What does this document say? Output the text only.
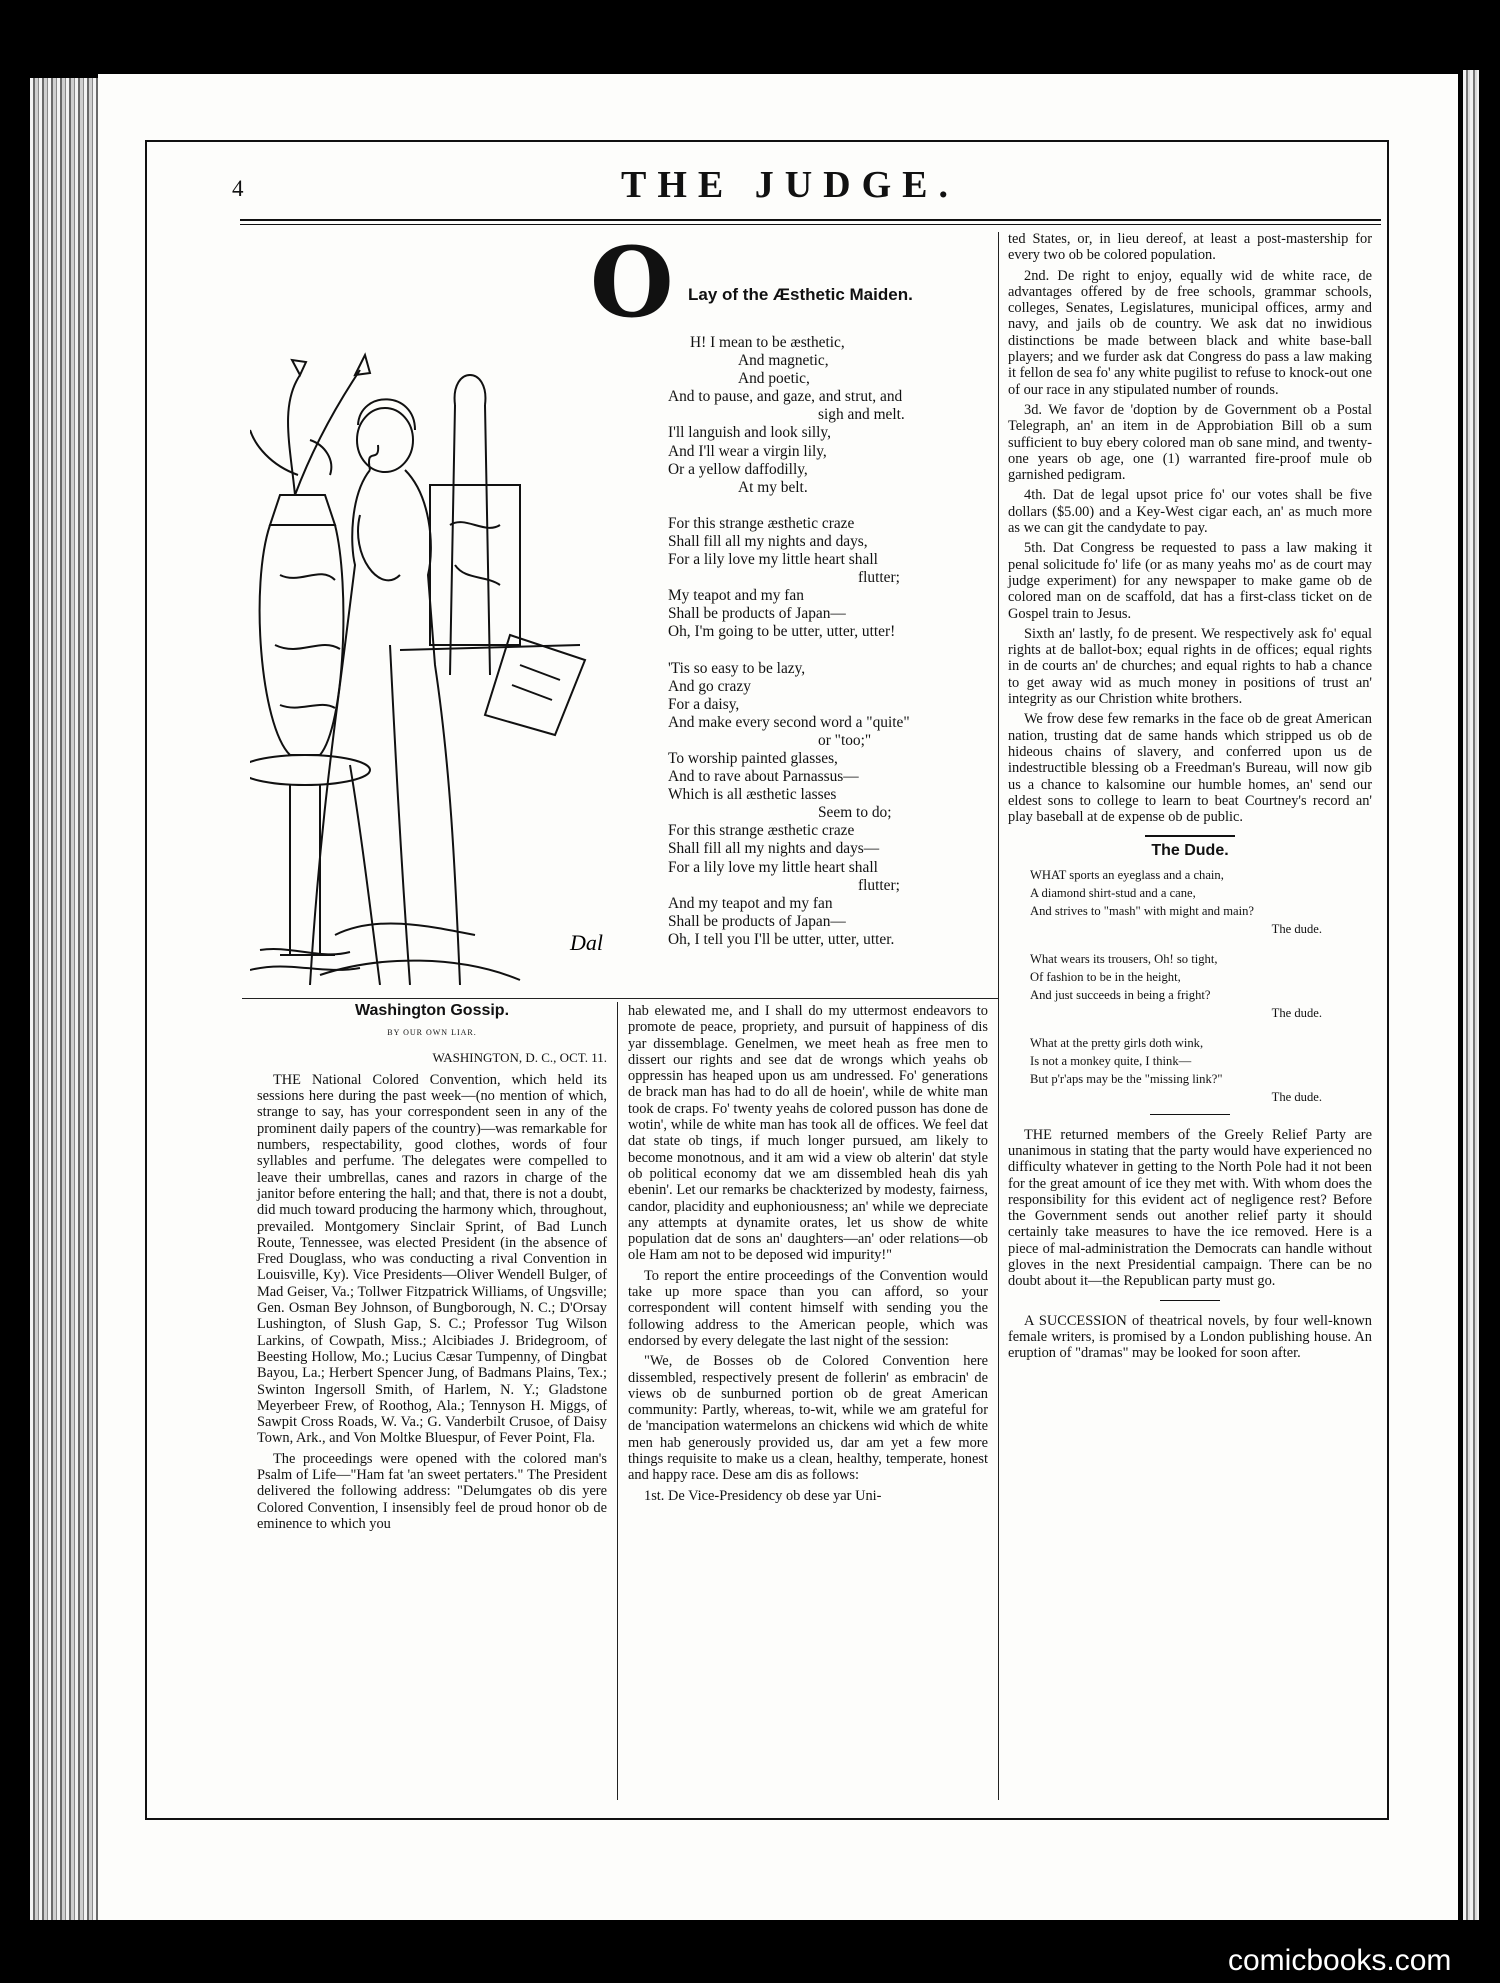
4	THE JUDGE.
Dal
O Lay of the Æsthetic Maiden.
H! I mean to be æsthetic,
And magnetic,
And poetic,
And to pause, and gaze, and strut, and
sigh and melt.
I'll languish and look silly,
And I'll wear a virgin lily,
Or a yellow daffodilly,
At my belt.
For this strange æsthetic craze
Shall fill all my nights and days,
For a lily love my little heart shall
flutter;
My teapot and my fan
Shall be products of Japan—
Oh, I'm going to be utter, utter, utter!
'Tis so easy to be lazy,
And go crazy
For a daisy,
And make every second word a "quite"
or "too;"
To worship painted glasses,
And to rave about Parnassus—
Which is all æsthetic lasses
Seem to do;
For this strange æsthetic craze
Shall fill all my nights and days—
For a lily love my little heart shall
flutter;
And my teapot and my fan
Shall be products of Japan—
Oh, I tell you I'll be utter, utter, utter.
Washington Gossip.
BY OUR OWN LIAR.
WASHINGTON, D. C., OCT. 11.

THE National Colored Convention, which held its sessions here during the past week—(no mention of which, strange to say, has your correspondent seen in any of the prominent daily papers of the country)—was remarkable for numbers, respectability, good clothes, words of four syllables and perfume. The delegates were compelled to leave their umbrellas, canes and razors in charge of the janitor before entering the hall; and that, there is not a doubt, did much toward producing the harmony which, throughout, prevailed. Montgomery Sinclair Sprint, of Bad Lunch Route, Tennessee, was elected President (in the absence of Fred Douglass, who was conducting a rival Convention in Louisville, Ky). Vice Presidents—Oliver Wendell Bulger, of Mad Geiser, Va.; Tollwer Fitzpatrick Williams, of Ungsville; Gen. Osman Bey Johnson, of Bungborough, N. C.; D'Orsay Lushington, of Slush Gap, S. C.; Professor Tug Wilson Larkins, of Cowpath, Miss.; Alcibiades J. Bridegroom, of Beesting Hollow, Mo.; Lucius Cæsar Tumpenny, of Dingbat Bayou, La.; Herbert Spencer Jung, of Badmans Plains, Tex.; Swinton Ingersoll Smith, of Harlem, N. Y.; Gladstone Meyerbeer Frew, of Roothog, Ala.; Tennyson H. Miggs, of Sawpit Cross Roads, W. Va.; G. Vanderbilt Crusoe, of Daisy Town, Ark., and Von Moltke Bluespur, of Fever Point, Fla.

The proceedings were opened with the colored man's Psalm of Life—"Ham fat 'an sweet pertaters." The President delivered the following address: "Delumgates ob dis yere Colored Convention, I insensibly feel de proud honor ob de eminence to which you

hab elewated me, and I shall do my uttermost endeavors to promote de peace, propriety, and pursuit of happiness of dis yar dissemblage. Genelmen, we meet heah as free men to dissert our rights and see dat de wrongs which yeahs ob oppressin has heaped upon us am undressed. Fo' generations de brack man has had to do all de hoein', while de white man took de craps. Fo' twenty yeahs de colored pusson has done de wotin', while de white man has took all de offices. We feel dat dat state ob tings, if much longer pursued, am likely to become monotnous, and it am wid a view ob alterin' dat style ob political economy dat we am dissembled heah dis yah ebenin'. Let our remarks be chackterized by modesty, fairness, candor, placidity and euphoniousness; an' while we depreciate any attempts at dynamite orates, let us show de white population dat de sons an' daughters—an' oder relations—ob ole Ham am not to be deposed wid impurity!"

To report the entire proceedings of the Convention would take up more space than you can afford, so your correspondent will content himself with sending you the following address to the American people, which was endorsed by every delegate the last night of the session:

"We, de Bosses ob de Colored Convention here dissembled, respectively present de follerin' as embracin' de views ob de sunburned portion ob de great American community: Partly, whereas, to-wit, while we am grateful for de 'mancipation watermelons an chickens wid which de white men hab generously provided us, dar am yet a few more things requisite to make us a clean, healthy, temperate, honest and happy race. Dese am dis as follows:

1st. De Vice-Presidency ob dese yar Uni-

ted States, or, in lieu dereof, at least a post-mastership for every two ob be colored population.

2nd. De right to enjoy, equally wid de white race, de advantages offered by de free schools, grammar schools, colleges, Senates, Legislatures, municipal offices, army and navy, and jails ob de country. We ask dat no inwidious distinctions be made between black and white base-ball players; and we furder ask dat Congress do pass a law making it fellon de sea fo' any white pugilist to refuse to knock-out one of our race in any stipulated number of rounds.

3d. We favor de 'doption by de Government ob a Postal Telegraph, an' an item in de Approbiation Bill ob a sum sufficient to buy ebery colored man ob sane mind, and twenty-one years ob age, one (1) warranted fire-proof mule ob garnished pedigram.

4th. Dat de legal upsot price fo' our votes shall be five dollars ($5.00) and a Key-West cigar each, an' as much more as we can git the candydate to pay.

5th. Dat Congress be requested to pass a law making it penal solicitude fo' life (or as many yeahs mo' as de court may judge experiment) for any newspaper to make game ob de colored man on de scaffold, dat has a first-class ticket on de Gospel train to Jesus.

Sixth an' lastly, fo de present. We respectively ask fo' equal rights at de ballot-box; equal rights in de offices; equal rights in de courts an' de churches; and equal rights to hab a chance to get away wid as much money in positions of trust an' integrity as our Christion white brothers.

We frow dese few remarks in the face ob de great American nation, trusting dat de same hands which stripped us ob de hideous chains of slavery, and conferred upon us de indestructible blessing ob a Freedman's Bureau, will now gib us a chance to kalsomine our humble homes, an' send our eldest sons to college to learn to beat Courtney's record an' play baseball at de expense ob de public.

The Dude.
WHAT sports an eyeglass and a chain,
A diamond shirt-stud and a cane,
And strives to "mash" with might and main?
The dude.
What wears its trousers, Oh! so tight,
Of fashion to be in the height,
And just succeeds in being a fright?
The dude.
What at the pretty girls doth wink,
Is not a monkey quite, I think—
But p'r'aps may be the "missing link?"
The dude.

THE returned members of the Greely Relief Party are unanimous in stating that the party would have experienced no difficulty whatever in getting to the North Pole had it not been for the great amount of ice they met with. With whom does the responsibility for this evident act of negligence rest? Before the Government sends out another relief party it should certainly take measures to have the ice removed. Here is a piece of mal-administration the Democrats can handle without gloves in the next Presidential campaign. There can be no doubt about it—the Republican party must go.

A SUCCESSION of theatrical novels, by four well-known female writers, is promised by a London publishing house. An eruption of "dramas" may be looked for soon after.

comicbooks.com
